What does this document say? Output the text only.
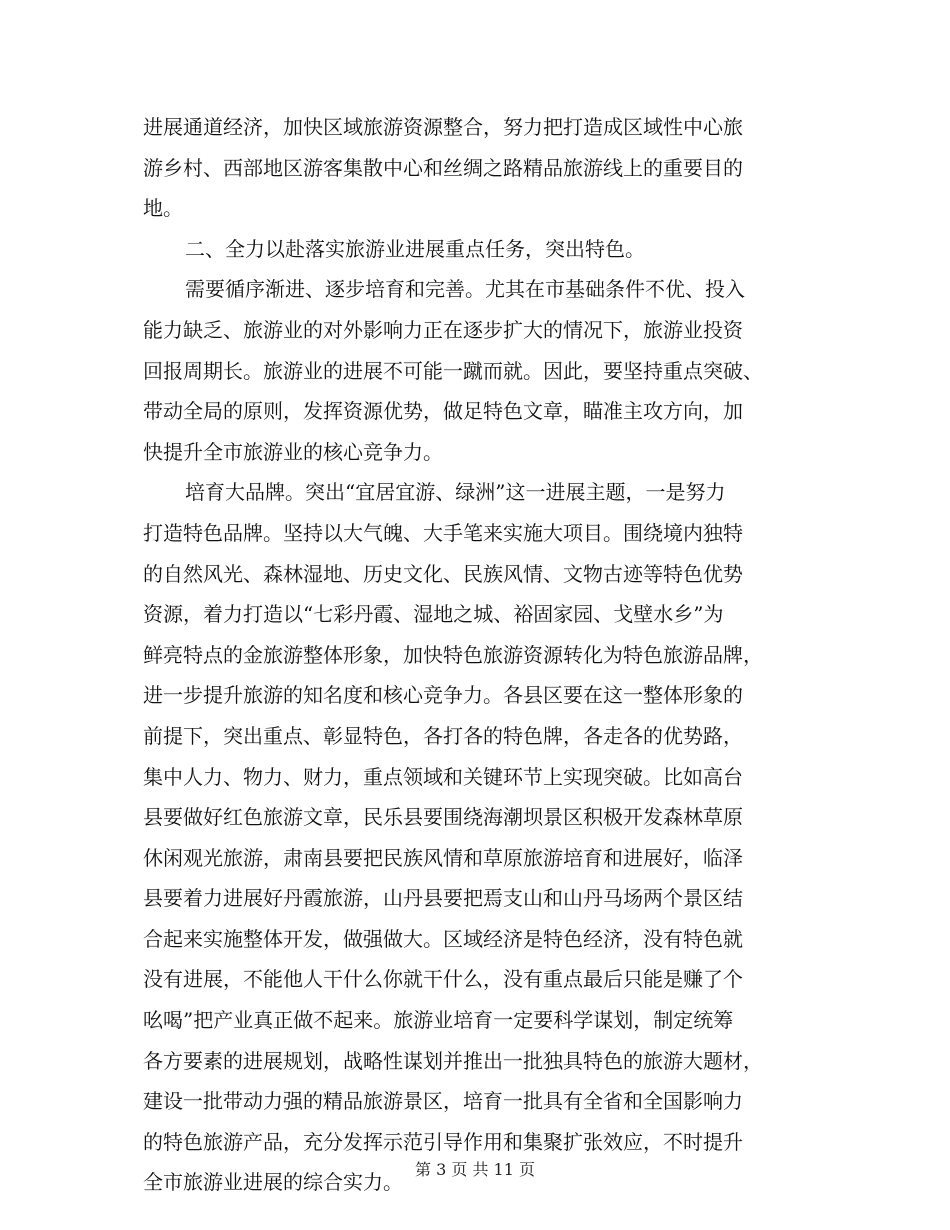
进展通道经济，加快区域旅游资源整合，努力把打造成区域性中心旅
游乡村、西部地区游客集散中心和丝绸之路精品旅游线上的重要目的
地。
二、全力以赴落实旅游业进展重点任务，突出特色。
需要循序渐进、逐步培育和完善。尤其在市基础条件不优、投入
能力缺乏、旅游业的对外影响力正在逐步扩大的情况下，旅游业投资
回报周期长。旅游业的进展不可能一蹴而就。因此，要坚持重点突破、
带动全局的原则，发挥资源优势，做足特色文章，瞄准主攻方向，加
快提升全市旅游业的核心竞争力。
培育大品牌。突出“宜居宜游、绿洲”这一进展主题，一是努力
打造特色品牌。坚持以大气魄、大手笔来实施大项目。围绕境内独特
的自然风光、森林湿地、历史文化、民族风情、文物古迹等特色优势
资源，着力打造以“七彩丹霞、湿地之城、裕固家园、戈壁水乡”为
鲜亮特点的金旅游整体形象，加快特色旅游资源转化为特色旅游品牌，
进一步提升旅游的知名度和核心竞争力。各县区要在这一整体形象的
前提下，突出重点、彰显特色，各打各的特色牌，各走各的优势路，
集中人力、物力、财力，重点领域和关键环节上实现突破。比如高台
县要做好红色旅游文章，民乐县要围绕海潮坝景区积极开发森林草原
休闲观光旅游，肃南县要把民族风情和草原旅游培育和进展好，临泽
县要着力进展好丹霞旅游，山丹县要把焉支山和山丹马场两个景区结
合起来实施整体开发，做强做大。区域经济是特色经济，没有特色就
没有进展，不能他人干什么你就干什么，没有重点最后只能是赚了个
吆喝”把产业真正做不起来。旅游业培育一定要科学谋划，制定统筹
各方要素的进展规划，战略性谋划并推出一批独具特色的旅游大题材，
建设一批带动力强的精品旅游景区，培育一批具有全省和全国影响力
的特色旅游产品，充分发挥示范引导作用和集聚扩张效应，不时提升
全市旅游业进展的综合实力。
第 3 页 共 11 页
